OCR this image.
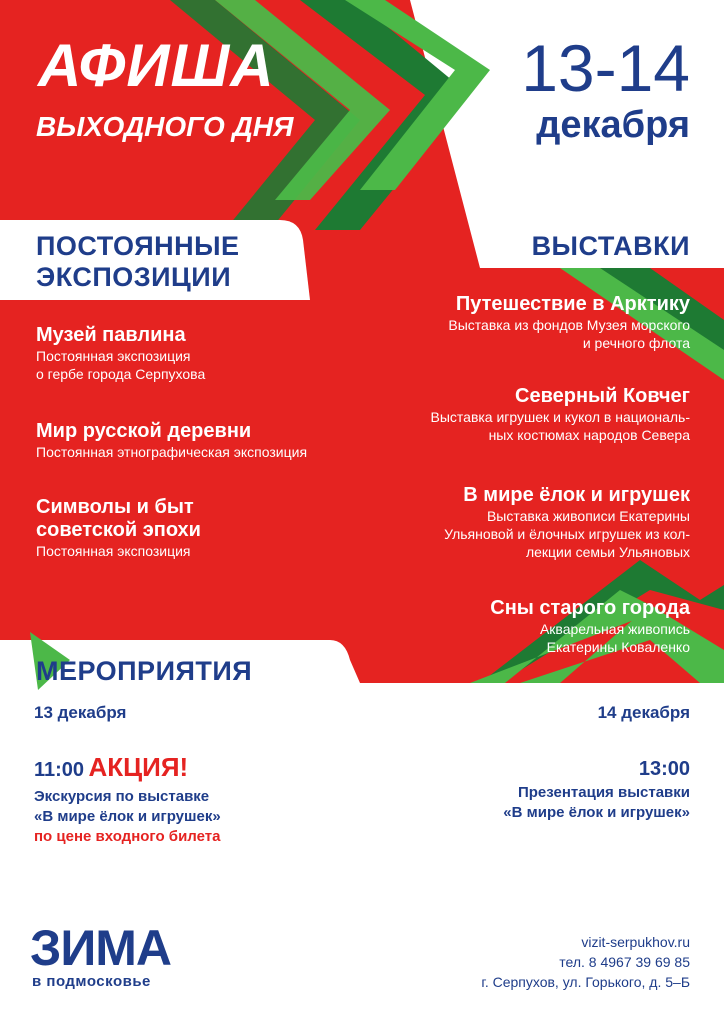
АФИША
ВЫХОДНОГО ДНЯ
13-14
декабря
ПОСТОЯННЫЕ
ЭКСПОЗИЦИИ
ВЫСТАВКИ
Музей павлина
Постоянная экспозиция
о гербе города Серпухова
Мир русской деревни
Постоянная этнографическая экспозиция
Символы и быт
советской эпохи
Постоянная экспозиция
Путешествие в Арктику
Выставка из фондов Музея морского
и речного флота
Северный Ковчег
Выставка игрушек и кукол в националь-
ных костюмах народов Севера
В мире ёлок и игрушек
Выставка живописи Екатерины
Ульяновой и ёлочных игрушек из кол-
лекции семьи Ульяновых
Сны старого города
Акварельная живопись
Екатерины Коваленко
МЕРОПРИЯТИЯ
13 декабря	14 декабря
11:00 АКЦИЯ!
Экскурсия по выставке
«В мире ёлок и игрушек»
по цене входного билета
13:00
Презентация выставки
«В мире ёлок и игрушек»
ЗИМА
в подмосковье
vizit-serpukhov.ru
тел. 8 4967 39 69 85
г. Серпухов, ул. Горького, д. 5–Б
